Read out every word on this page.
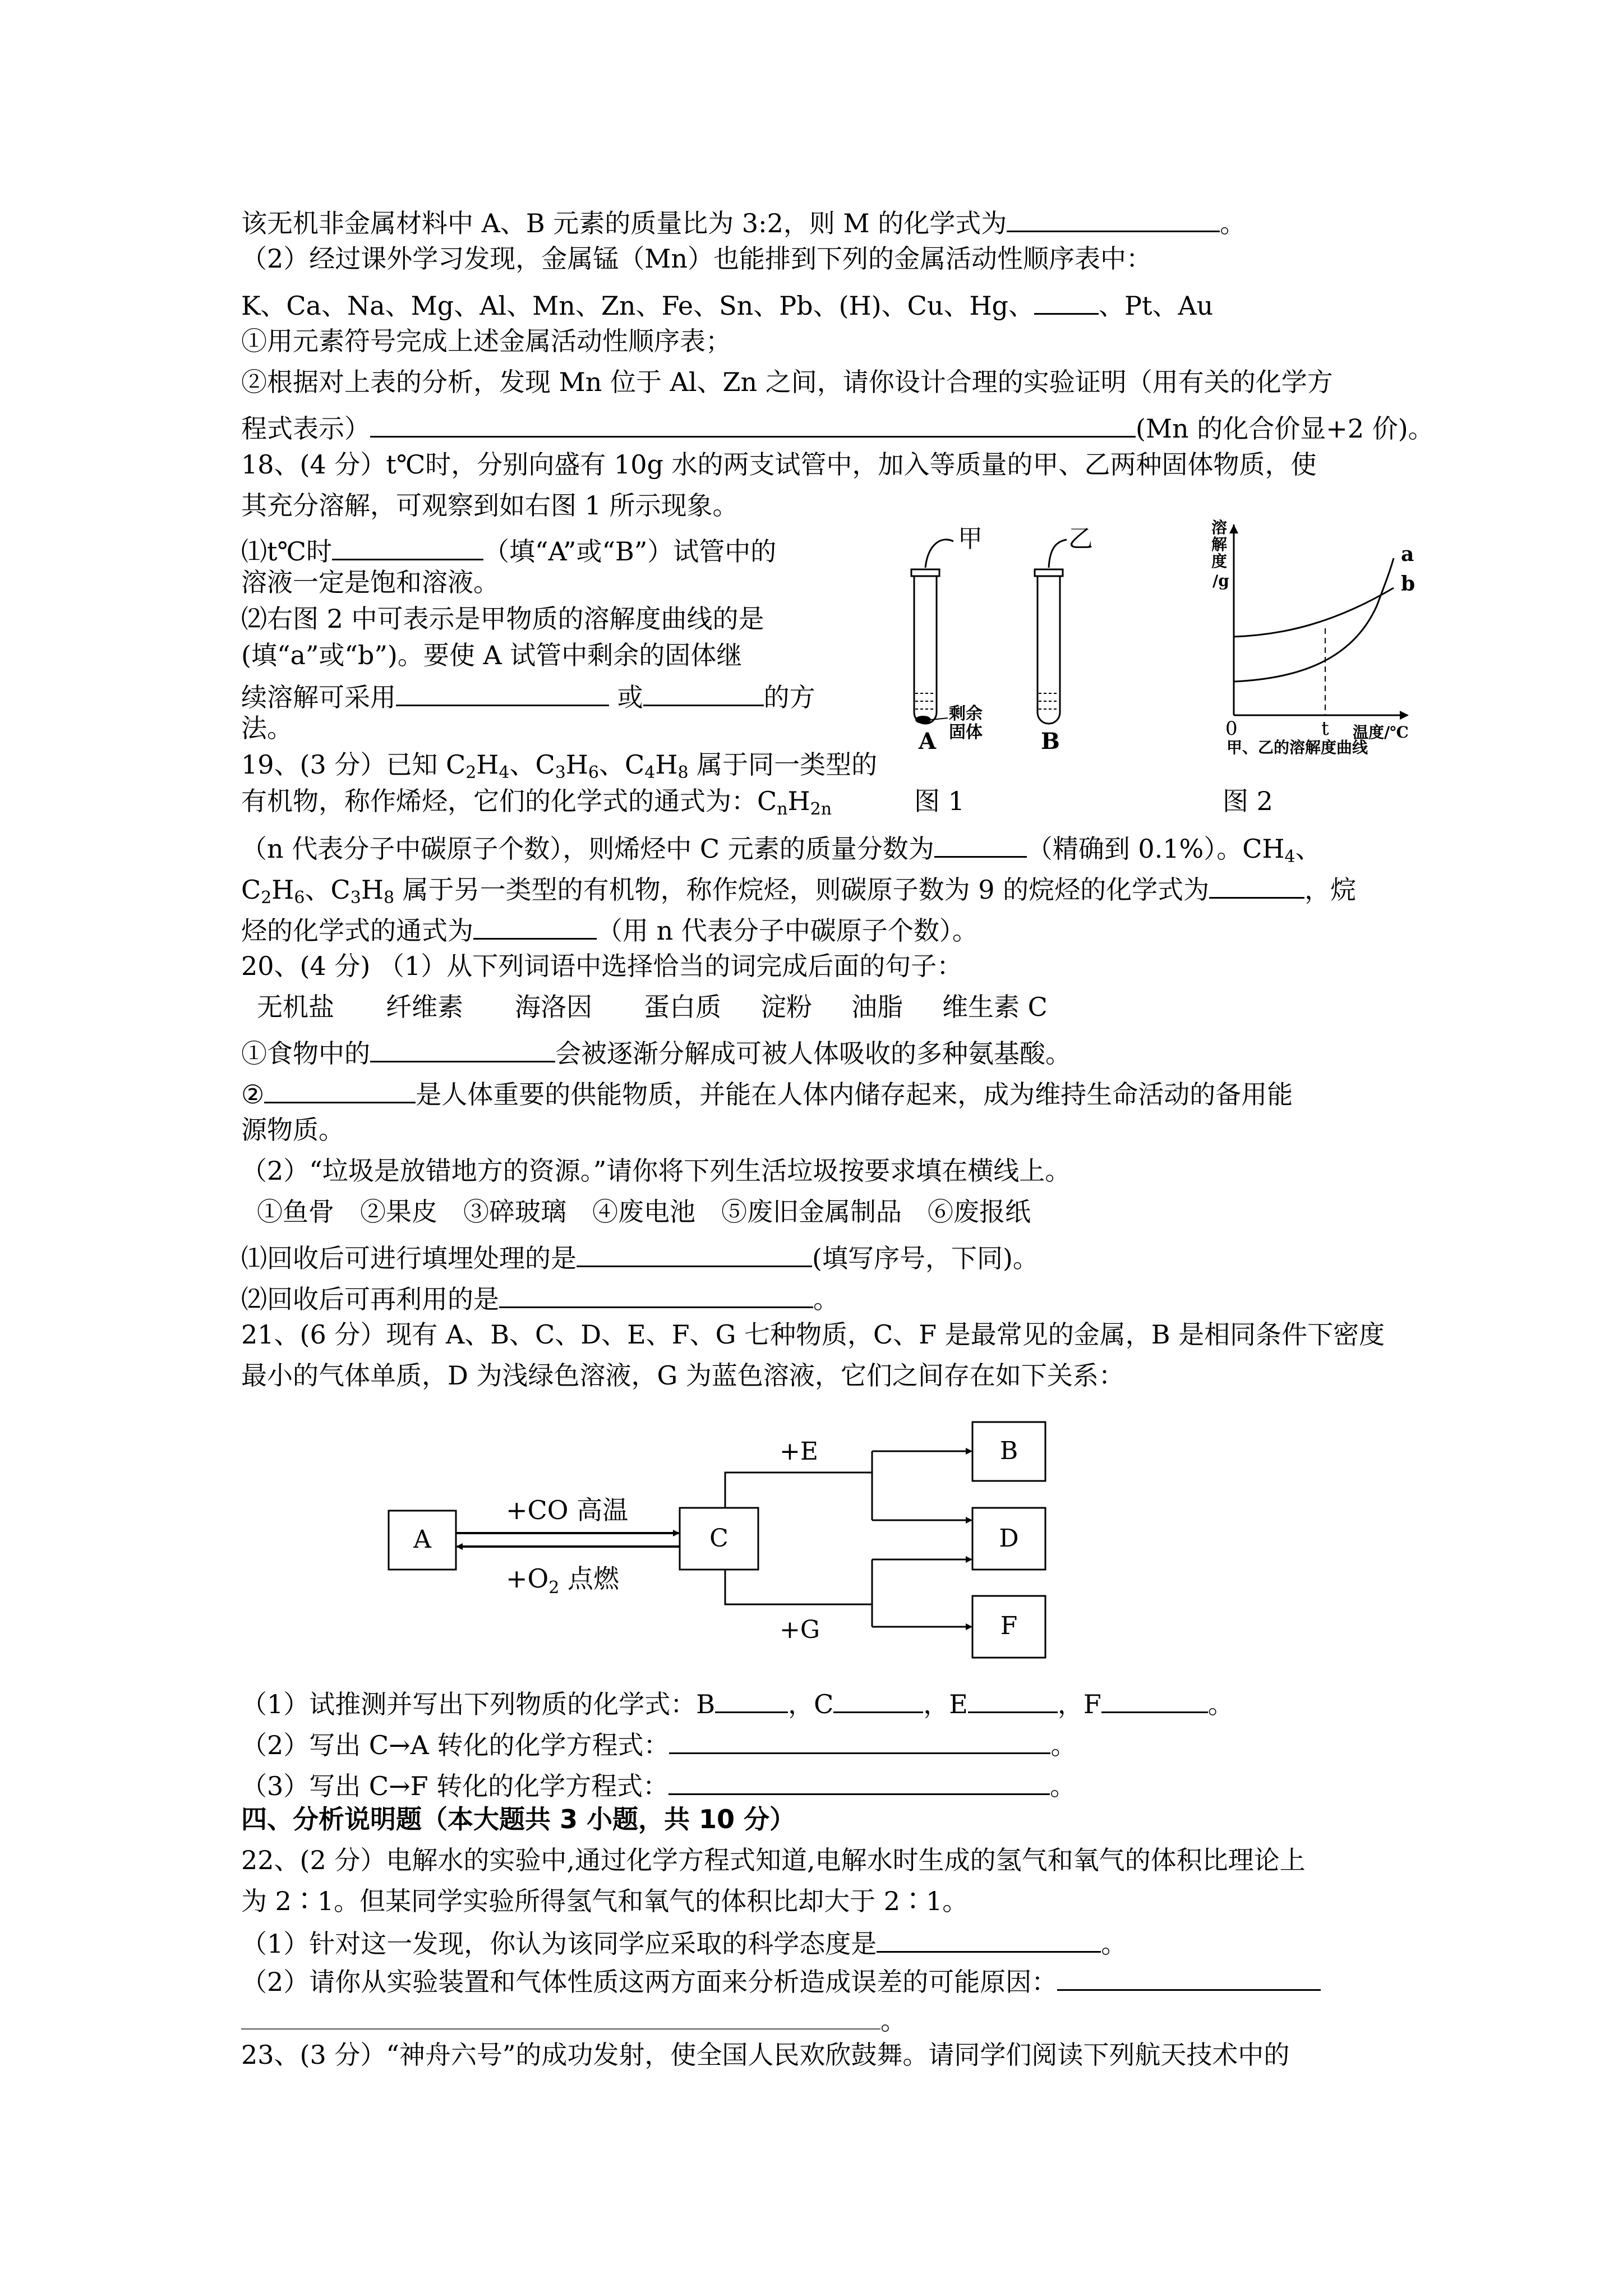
该无机非金属材料中 A、B 元素的质量比为 3:2，则 M 的化学式为	。
（2）经过课外学习发现，金属锰（Mn）也能排到下列的金属活动性顺序表中：
K、Ca、Na、Mg、Al、Mn、Zn、Fe、Sn、Pb、(H)、Cu、Hg、	、Pt、Au
①用元素符号完成上述金属活动性顺序表；
②根据对上表的分析，发现 Mn 位于 Al、Zn 之间，请你设计合理的实验证明（用有关的化学方
程式表示）	(Mn 的化合价显+2 价)。
18、(4 分）t℃时，分别向盛有 10g 水的两支试管中，加入等质量的甲、乙两种固体物质，使
其充分溶解，可观察到如右图 1 所示现象。
⑴t℃时	（填“A”或“B”）试管中的
溶液一定是饱和溶液。
⑵右图 2 中可表示是甲物质的溶解度曲线的是
(填“a”或“b”)。要使 A 试管中剩余的固体继
续溶解可采用	或	的方
法。
甲
剩余
固体
A
乙
B
溶
解
度
/g
a
b
0	t 温度/℃
甲、乙的溶解度曲线
19、(3 分）已知 $C_2H_4$、$C_3H_6$、$C_4H_8$ 属于同一类型的
有机物，称作烯烃，它们的化学式的通式为：$C_nH_{2n}$	图 1	图 2
（n 代表分子中碳原子个数），则烯烃中 C 元素的质量分数为	（精确到 0.1%）。$CH_4$、
$C_2H_6$、$C_3H_8$ 属于另一类型的有机物，称作烷烃，则碳原子数为 9 的烷烃的化学式为	，烷
烃的化学式的通式为	（用 n 代表分子中碳原子个数）。
20、(4 分) （1）从下列词语中选择恰当的词完成后面的句子：
无机盐 纤维素 海洛因 蛋白质 淀粉 油脂 维生素 C
①食物中的	会被逐渐分解成可被人体吸收的多种氨基酸。
②	是人体重要的供能物质，并能在人体内储存起来，成为维持生命活动的备用能
源物质。
（2）“垃圾是放错地方的资源。”请你将下列生活垃圾按要求填在横线上。
①鱼骨　②果皮　③碎玻璃　④废电池　⑤废旧金属制品　⑥废报纸
⑴回收后可进行填埋处理的是	(填写序号，下同)。
⑵回收后可再利用的是	。
21、(6 分）现有 A、B、C、D、E、F、G 七种物质，C、F 是最常见的金属，B 是相同条件下密度
最小的气体单质，D 为浅绿色溶液，G 为蓝色溶液，它们之间存在如下关系：
A	C
B
D
F
+CO 高温
$+O_2$ 点燃
+E
+G
（1）试推测并写出下列物质的化学式：B	，C	，E	，F	。
（2）写出 C→A 转化的化学方程式：	。
（3）写出 C→F 转化的化学方程式：	。
四、分析说明题（本大题共 3 小题，共 10 分）
22、(2 分）电解水的实验中,通过化学方程式知道,电解水时生成的氢气和氧气的体积比理论上
为 2∶1。但某同学实验所得氢气和氧气的体积比却大于 2∶1。
（1）针对这一发现，你认为该同学应采取的科学态度是	。
（2）请你从实验装置和气体性质这两方面来分析造成误差的可能原因：
。
23、(3 分）“神舟六号”的成功发射，使全国人民欢欣鼓舞。请同学们阅读下列航天技术中的
